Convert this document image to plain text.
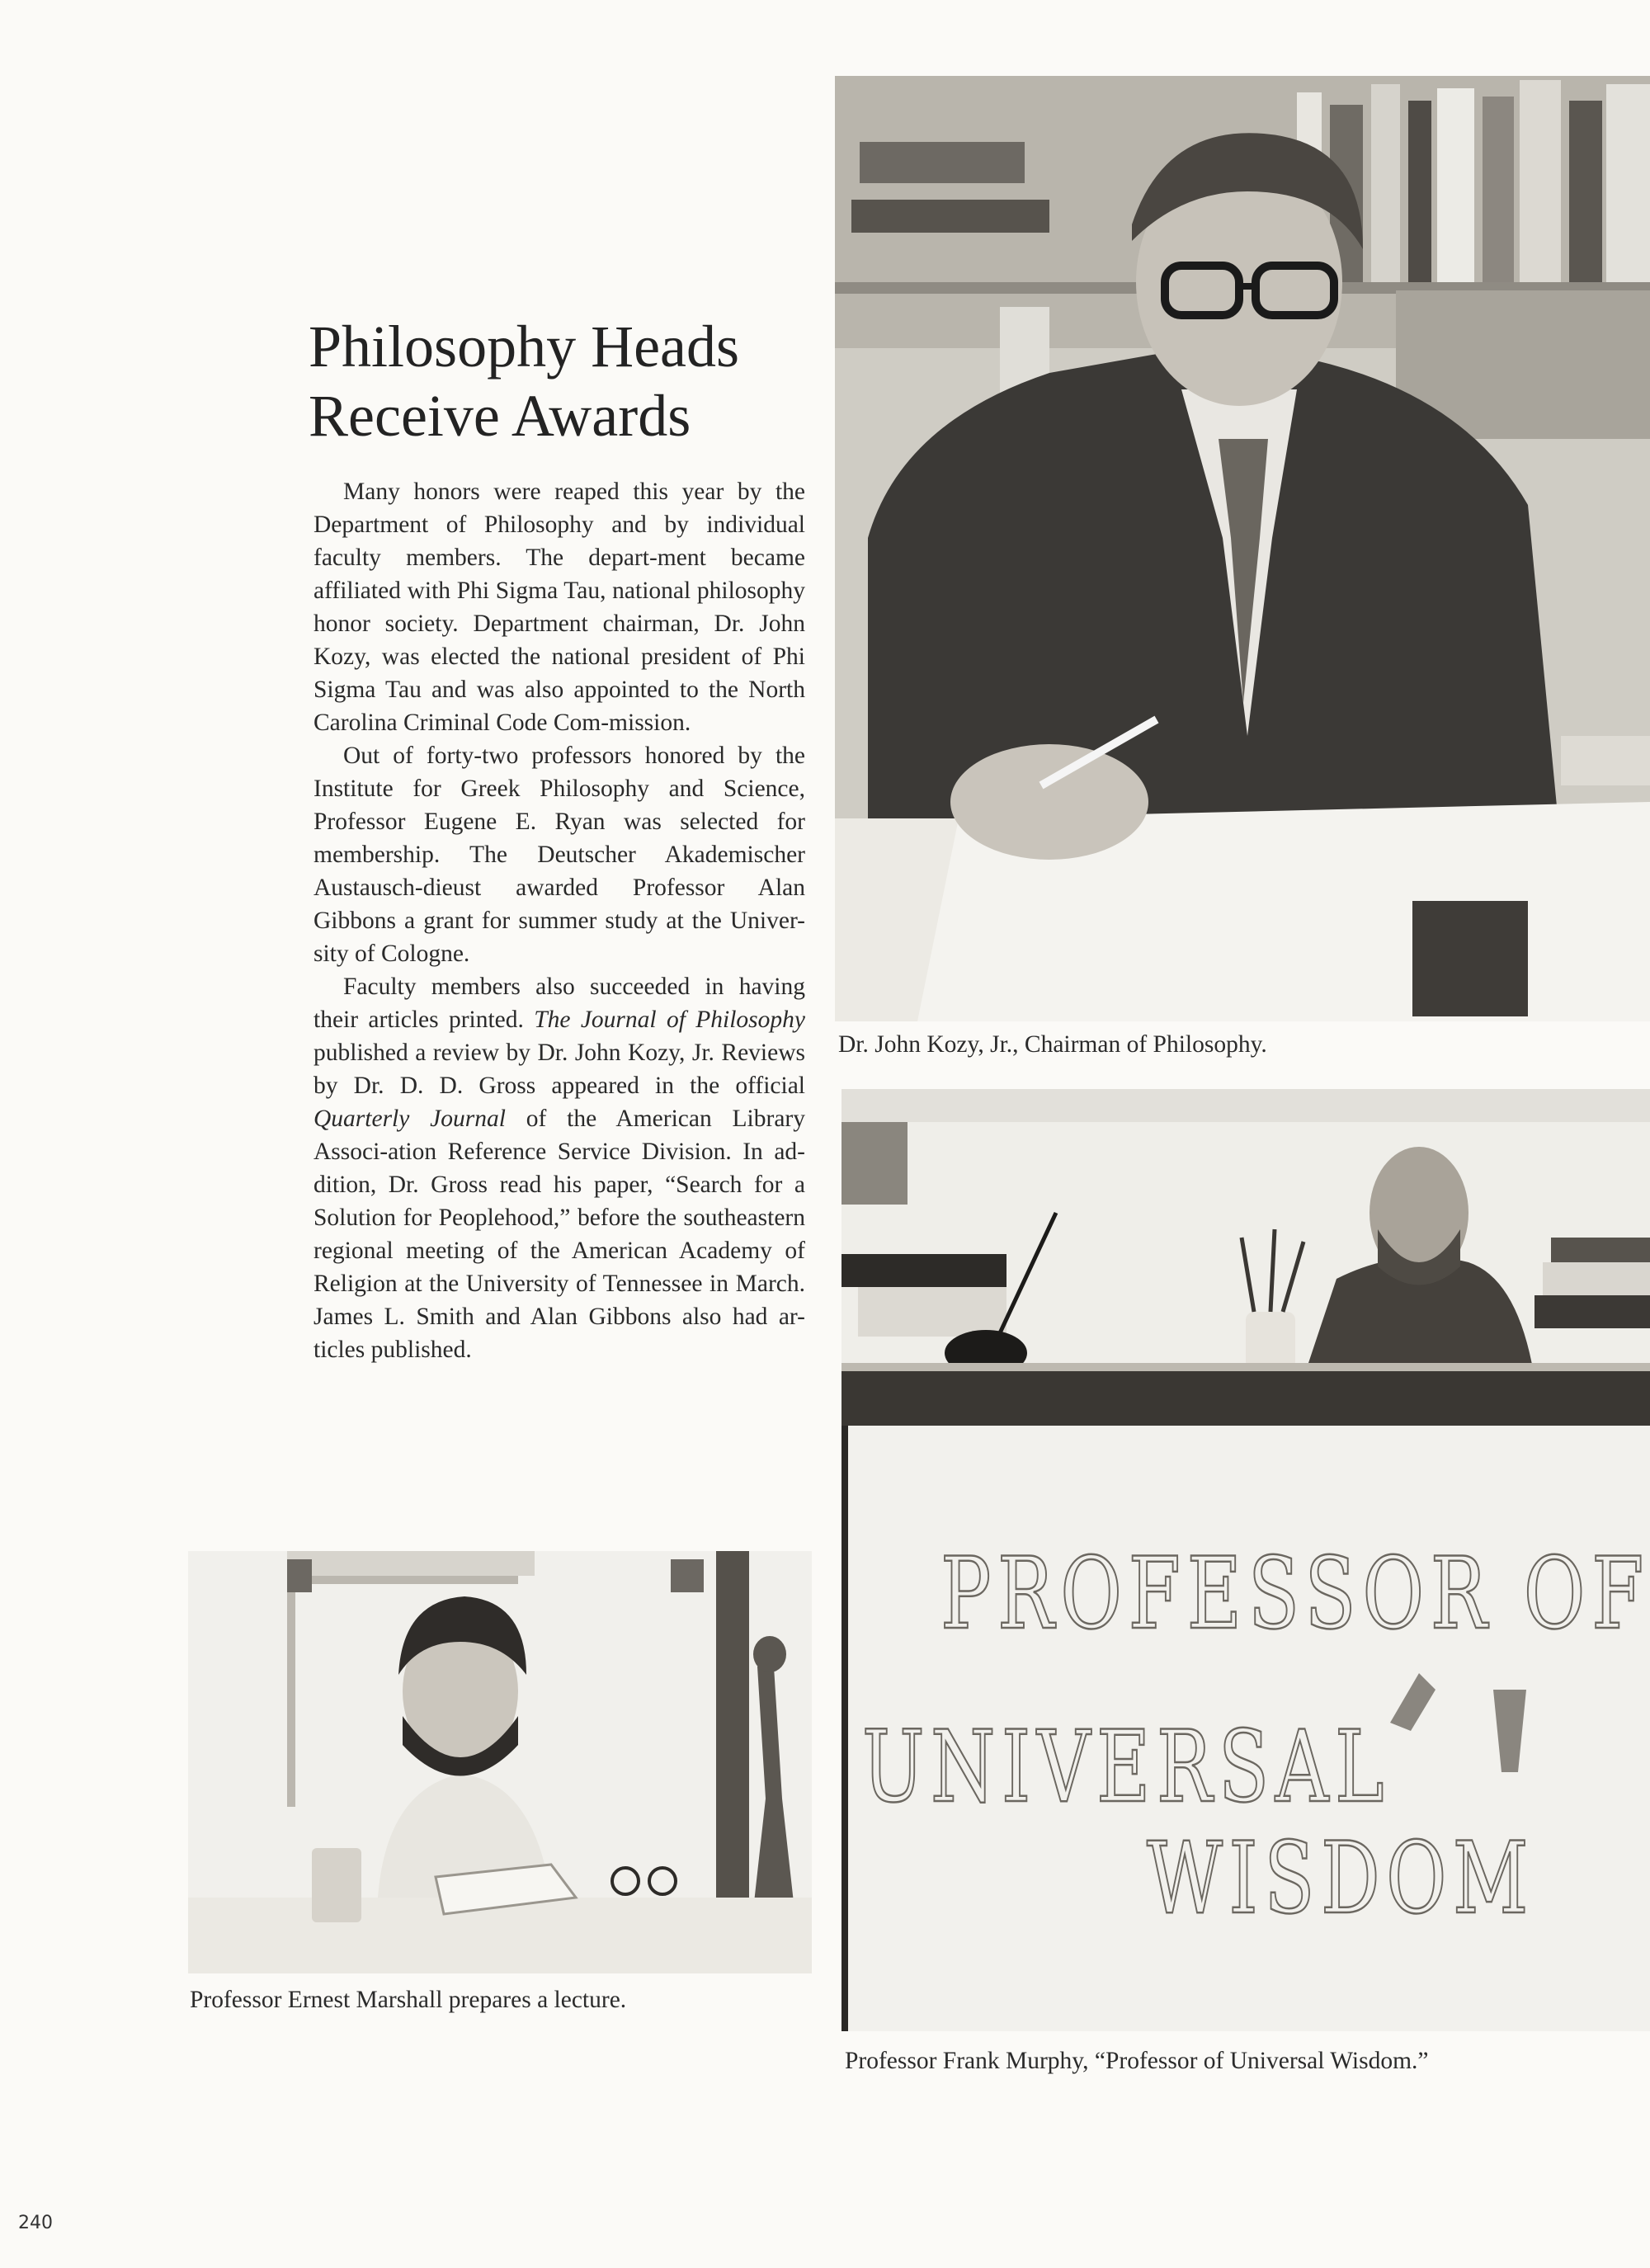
Philosophy Heads
Receive Awards

Many honors were reaped this year by the Department of Philosophy and by individual faculty members. The depart-ment became affiliated with Phi Sigma Tau, national philosophy honor society. Department chairman, Dr. John Kozy, was elected the national president of Phi Sigma Tau and was also appointed to the North Carolina Criminal Code Com-mission.

Out of forty-two professors honored by the Institute for Greek Philosophy and Science, Professor Eugene E. Ryan was selected for membership. The Deutscher Akademischer Austausch-dieust awarded Professor Alan Gibbons a grant for summer study at the Univer-sity of Cologne.

Faculty members also succeeded in having their articles printed. The Journal of Philosophy published a review by Dr. John Kozy, Jr. Reviews by Dr. D. D. Gross appeared in the official Quarterly Journal of the American Library Associ-ation Reference Service Division. In ad-dition, Dr. Gross read his paper, “Search for a Solution for Peoplehood,” before the southeastern regional meeting of the American Academy of Religion at the University of Tennessee in March. James L. Smith and Alan Gibbons also had ar-ticles published.

Dr. John Kozy, Jr., Chairman of Philosophy.
PROFESSOR OF
UNIVERSAL
WISDOM
Professor Frank Murphy, “Professor of Universal Wisdom.”
Professor Ernest Marshall prepares a lecture.
240
